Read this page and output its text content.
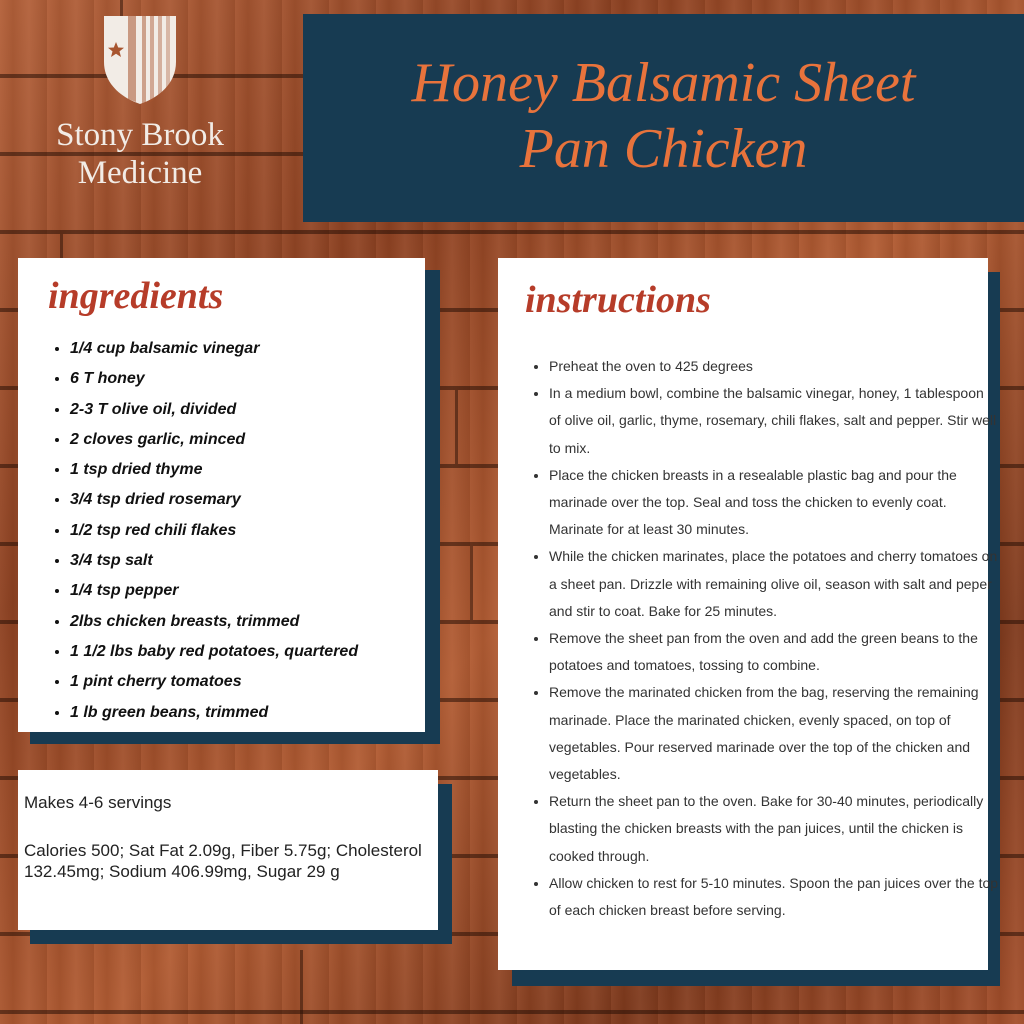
Stony Brook
Medicine
Honey Balsamic Sheet
Pan Chicken
ingredients
• 1/4 cup balsamic vinegar
• 6 T honey
• 2-3 T olive oil, divided
• 2 cloves garlic, minced
• 1 tsp dried thyme
• 3/4 tsp dried rosemary
• 1/2 tsp red chili flakes
• 3/4 tsp salt
• 1/4 tsp pepper
• 2lbs chicken breasts, trimmed
• 1 1/2 lbs baby red potatoes, quartered
• 1 pint cherry tomatoes
• 1 lb green beans, trimmed

Makes 4-6 servings

Calories 500; Sat Fat 2.09g, Fiber 5.75g; Cholesterol 132.45mg; Sodium 406.99mg, Sugar 29 g

instructions
• Preheat the oven to 425 degrees
• In a medium bowl, combine the balsamic vinegar, honey, 1 tablespoon of olive oil, garlic, thyme, rosemary, chili flakes, salt and pepper. Stir well to mix.
• Place the chicken breasts in a resealable plastic bag and pour the marinade over the top. Seal and toss the chicken to evenly coat. Marinate for at least 30 minutes.
• While the chicken marinates, place the potatoes and cherry tomatoes on a sheet pan. Drizzle with remaining olive oil, season with salt and peper and stir to coat. Bake for 25 minutes.
• Remove the sheet pan from the oven and add the green beans to the potatoes and tomatoes, tossing to combine.
• Remove the marinated chicken from the bag, reserving the remaining marinade. Place the marinated chicken, evenly spaced, on top of vegetables. Pour reserved marinade over the top of the chicken and vegetables.
• Return the sheet pan to the oven. Bake for 30-40 minutes, periodically blasting the chicken breasts with the pan juices, until the chicken is cooked through.
• Allow chicken to rest for 5-10 minutes. Spoon the pan juices over the top of each chicken breast before serving.
